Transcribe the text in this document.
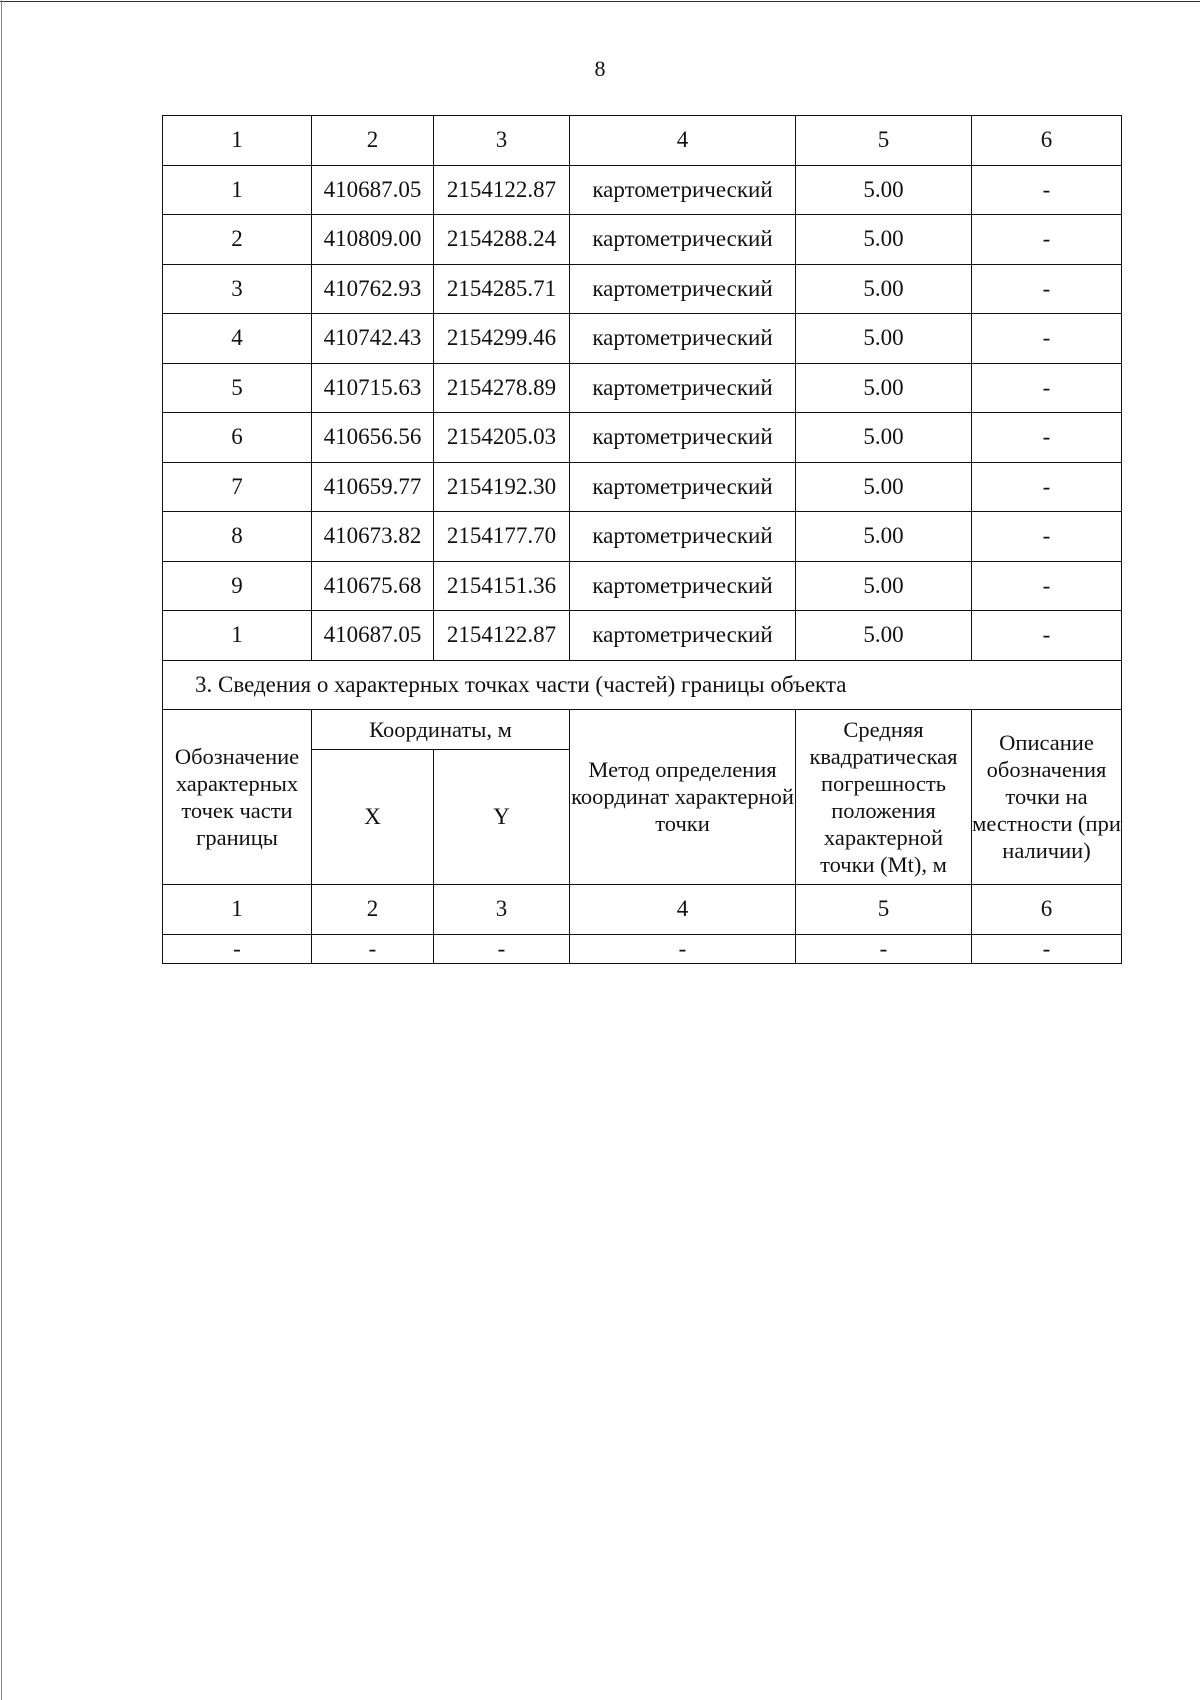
8
1	2	3	4	5	6
1	410687.05	2154122.87	картометрический	5.00	-
2	410809.00	2154288.24	картометрический	5.00	-
3	410762.93	2154285.71	картометрический	5.00	-
4	410742.43	2154299.46	картометрический	5.00	-
5	410715.63	2154278.89	картометрический	5.00	-
6	410656.56	2154205.03	картометрический	5.00	-
7	410659.77	2154192.30	картометрический	5.00	-
8	410673.82	2154177.70	картометрический	5.00	-
9	410675.68	2154151.36	картометрический	5.00	-
1	410687.05	2154122.87	картометрический	5.00	-
3. Сведения о характерных точках части (частей) границы объекта					
Обозначение характерных точек части границы	Координаты, м		Метод определения координат характерной точки	Средняя квадратическая погрешность положения характерной точки (Mt), м	Описание обозначения точки на местности (при наличии)
	X	Y			
1	2	3	4	5	6
-	-	-	-	-	-
